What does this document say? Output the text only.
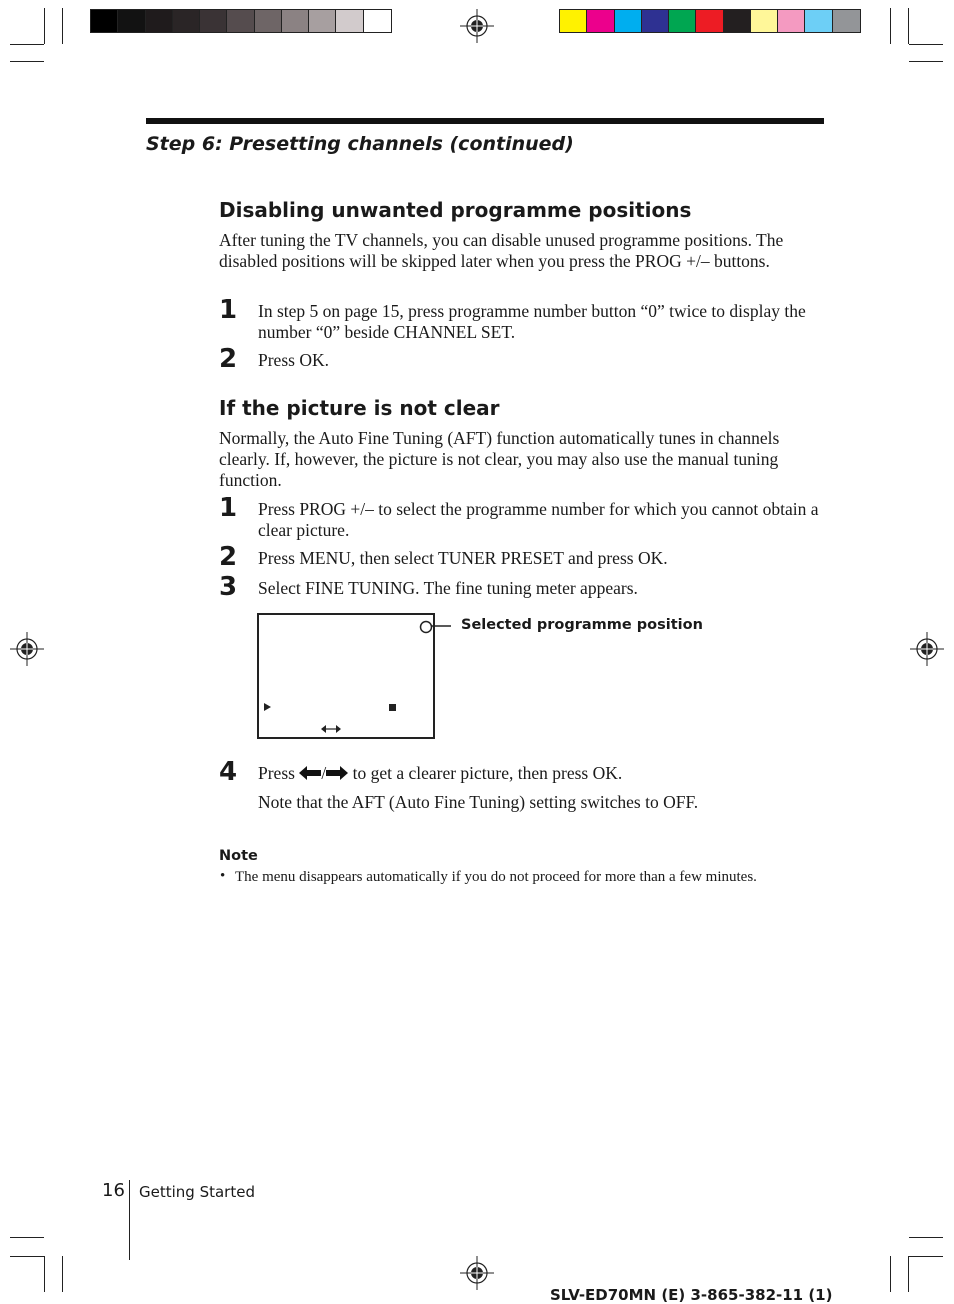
Step 6: Presetting channels (continued)
Disabling unwanted programme positions

After tuning the TV channels, you can disable unused programme positions. The disabled positions will be skipped later when you press the PROG +/– buttons.

1 In step 5 on page 15, press programme number button “0” twice to display the number “0” beside CHANNEL SET.
2 Press OK.
If the picture is not clear

Normally, the Auto Fine Tuning (AFT) function automatically tunes in channels clearly. If, however, the picture is not clear, you may also use the manual tuning function.

1 Press PROG +/– to select the programme number for which you cannot obtain a clear picture.
2 Press MENU, then select TUNER PRESET and press OK.
3 Select FINE TUNING. The fine tuning meter appears.
Selected programme position
4 Press / to get a clearer picture, then press OK.
Note that the AFT (Auto Fine Tuning) setting switches to OFF.
Note
• The menu disappears automatically if you do not proceed for more than a few minutes.
16 Getting Started
SLV-ED70MN (E) 3-865-382-11 (1)
